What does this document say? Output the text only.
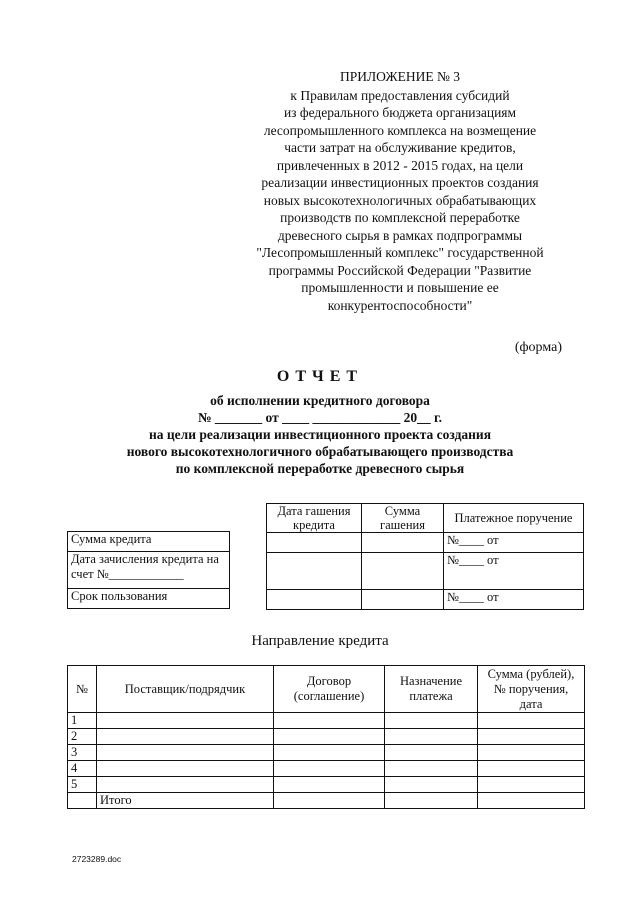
ПРИЛОЖЕНИЕ № 3
к Правилам предоставления субсидий
из федерального бюджета организациям
лесопромышленного комплекса на возмещение
части затрат на обслуживание кредитов,
привлеченных в 2012 - 2015 годах, на цели
реализации инвестиционных проектов создания
новых высокотехнологичных обрабатывающих
производств по комплексной переработке
древесного сырья в рамках подпрограммы
"Лесопромышленный комплекс" государственной
программы Российской Федерации "Развитие
промышленности и повышение ее
конкурентоспособности"
(форма)
ОТЧЕТ
об исполнении кредитного договора
№ _______ от ____ _____________ 20__ г.
на цели реализации инвестиционного проекта создания
нового высокотехнологичного обрабатывающего производства
по комплексной переработке древесного сырья
Сумма кредита
Дата зачисления кредита на счет №____________
Срок пользования
Дата гашения кредита	Сумма гашения	Платежное поручение
		№____ от
		№____ от
		№____ от
Направление кредита
№	Поставщик/подрядчик	Договор (соглашение)	Назначение платежа	Сумма (рублей), № поручения, дата
1				
2				
3				
4				
5				
	Итого			
2723289.doc
